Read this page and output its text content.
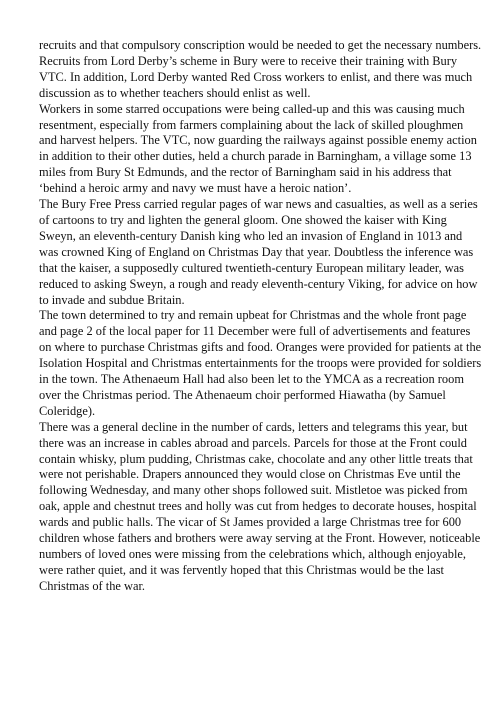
recruits and that compulsory conscription would be needed to get the necessary numbers. Recruits from Lord Derby’s scheme in Bury were to receive their training with Bury VTC. In addition, Lord Derby wanted Red Cross workers to enlist, and there was much discussion as to whether teachers should enlist as well.

Workers in some starred occupations were being called-up and this was causing much resentment, especially from farmers complaining about the lack of skilled ploughmen and harvest helpers. The VTC, now guarding the railways against possible enemy action in addition to their other duties, held a church parade in Barningham, a village some 13 miles from Bury St Edmunds, and the rector of Barningham said in his address that ‘behind a heroic army and navy we must have a heroic nation’.

The Bury Free Press carried regular pages of war news and casualties, as well as a series of cartoons to try and lighten the general gloom. One showed the kaiser with King Sweyn, an eleventh-century Danish king who led an invasion of England in 1013 and was crowned King of England on Christmas Day that year. Doubtless the inference was that the kaiser, a supposedly cultured twentieth-century European military leader, was reduced to asking Sweyn, a rough and ready eleventh-century Viking, for advice on how to invade and subdue Britain.

The town determined to try and remain upbeat for Christmas and the whole front page and page 2 of the local paper for 11 December were full of advertisements and features on where to purchase Christmas gifts and food. Oranges were provided for patients at the Isolation Hospital and Christmas entertainments for the troops were provided for soldiers in the town. The Athenaeum Hall had also been let to the YMCA as a recreation room over the Christmas period. The Athenaeum choir performed Hiawatha (by Samuel Coleridge).

There was a general decline in the number of cards, letters and telegrams this year, but there was an increase in cables abroad and parcels. Parcels for those at the Front could contain whisky, plum pudding, Christmas cake, chocolate and any other little treats that were not perishable. Drapers announced they would close on Christmas Eve until the following Wednesday, and many other shops followed suit. Mistletoe was picked from oak, apple and chestnut trees and holly was cut from hedges to decorate houses, hospital wards and public halls. The vicar of St James provided a large Christmas tree for 600 children whose fathers and brothers were away serving at the Front. However, noticeable numbers of loved ones were missing from the celebrations which, although enjoyable, were rather quiet, and it was fervently hoped that this Christmas would be the last Christmas of the war.
